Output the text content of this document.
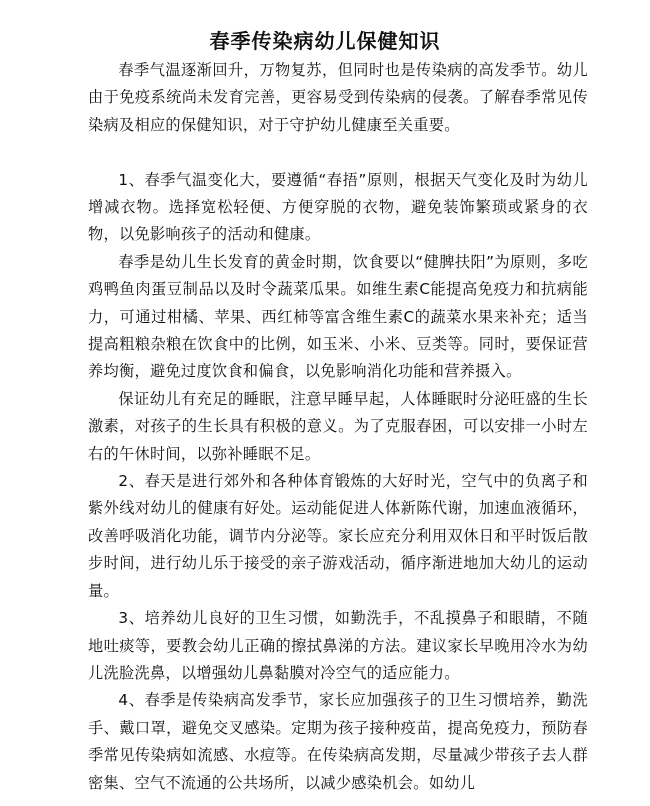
春季传染病幼儿保健知识

春季气温逐渐回升，万物复苏，但同时也是传染病的高发季节。幼儿由于免疫系统尚未发育完善，更容易受到传染病的侵袭。了解春季常见传染病及相应的保健知识，对于守护幼儿健康至关重要。

1、春季气温变化大，要遵循“春捂”原则，根据天气变化及时为幼儿增减衣物。选择宽松轻便、方便穿脱的衣物，避免装饰繁琐或紧身的衣物，以免影响孩子的活动和健康。

春季是幼儿生长发育的黄金时期，饮食要以“健脾扶阳”为原则，多吃鸡鸭鱼肉蛋豆制品以及时令蔬菜瓜果。如维生素C能提高免疫力和抗病能力，可通过柑橘、苹果、西红柿等富含维生素C的蔬菜水果来补充；适当提高粗粮杂粮在饮食中的比例，如玉米、小米、豆类等。同时，要保证营养均衡，避免过度饮食和偏食，以免影响消化功能和营养摄入。

保证幼儿有充足的睡眠，注意早睡早起，人体睡眠时分泌旺盛的生长激素，对孩子的生长具有积极的意义。为了克服春困，可以安排一小时左右的午休时间，以弥补睡眠不足。

2、春天是进行郊外和各种体育锻炼的大好时光，空气中的负离子和紫外线对幼儿的健康有好处。运动能促进人体新陈代谢，加速血液循环，改善呼吸消化功能，调节内分泌等。家长应充分利用双休日和平时饭后散步时间，进行幼儿乐于接受的亲子游戏活动，循序渐进地加大幼儿的运动量。

3、培养幼儿良好的卫生习惯，如勤洗手，不乱摸鼻子和眼睛，不随地吐痰等，要教会幼儿正确的擦拭鼻涕的方法。建议家长早晚用冷水为幼儿洗脸洗鼻，以增强幼儿鼻黏膜对冷空气的适应能力。

4、春季是传染病高发季节，家长应加强孩子的卫生习惯培养，勤洗手、戴口罩，避免交叉感染。定期为孩子接种疫苗，提高免疫力，预防春季常见传染病如流感、水痘等。在传染病高发期，尽量减少带孩子去人群密集、空气不流通的公共场所，以减少感染机会。如幼儿
